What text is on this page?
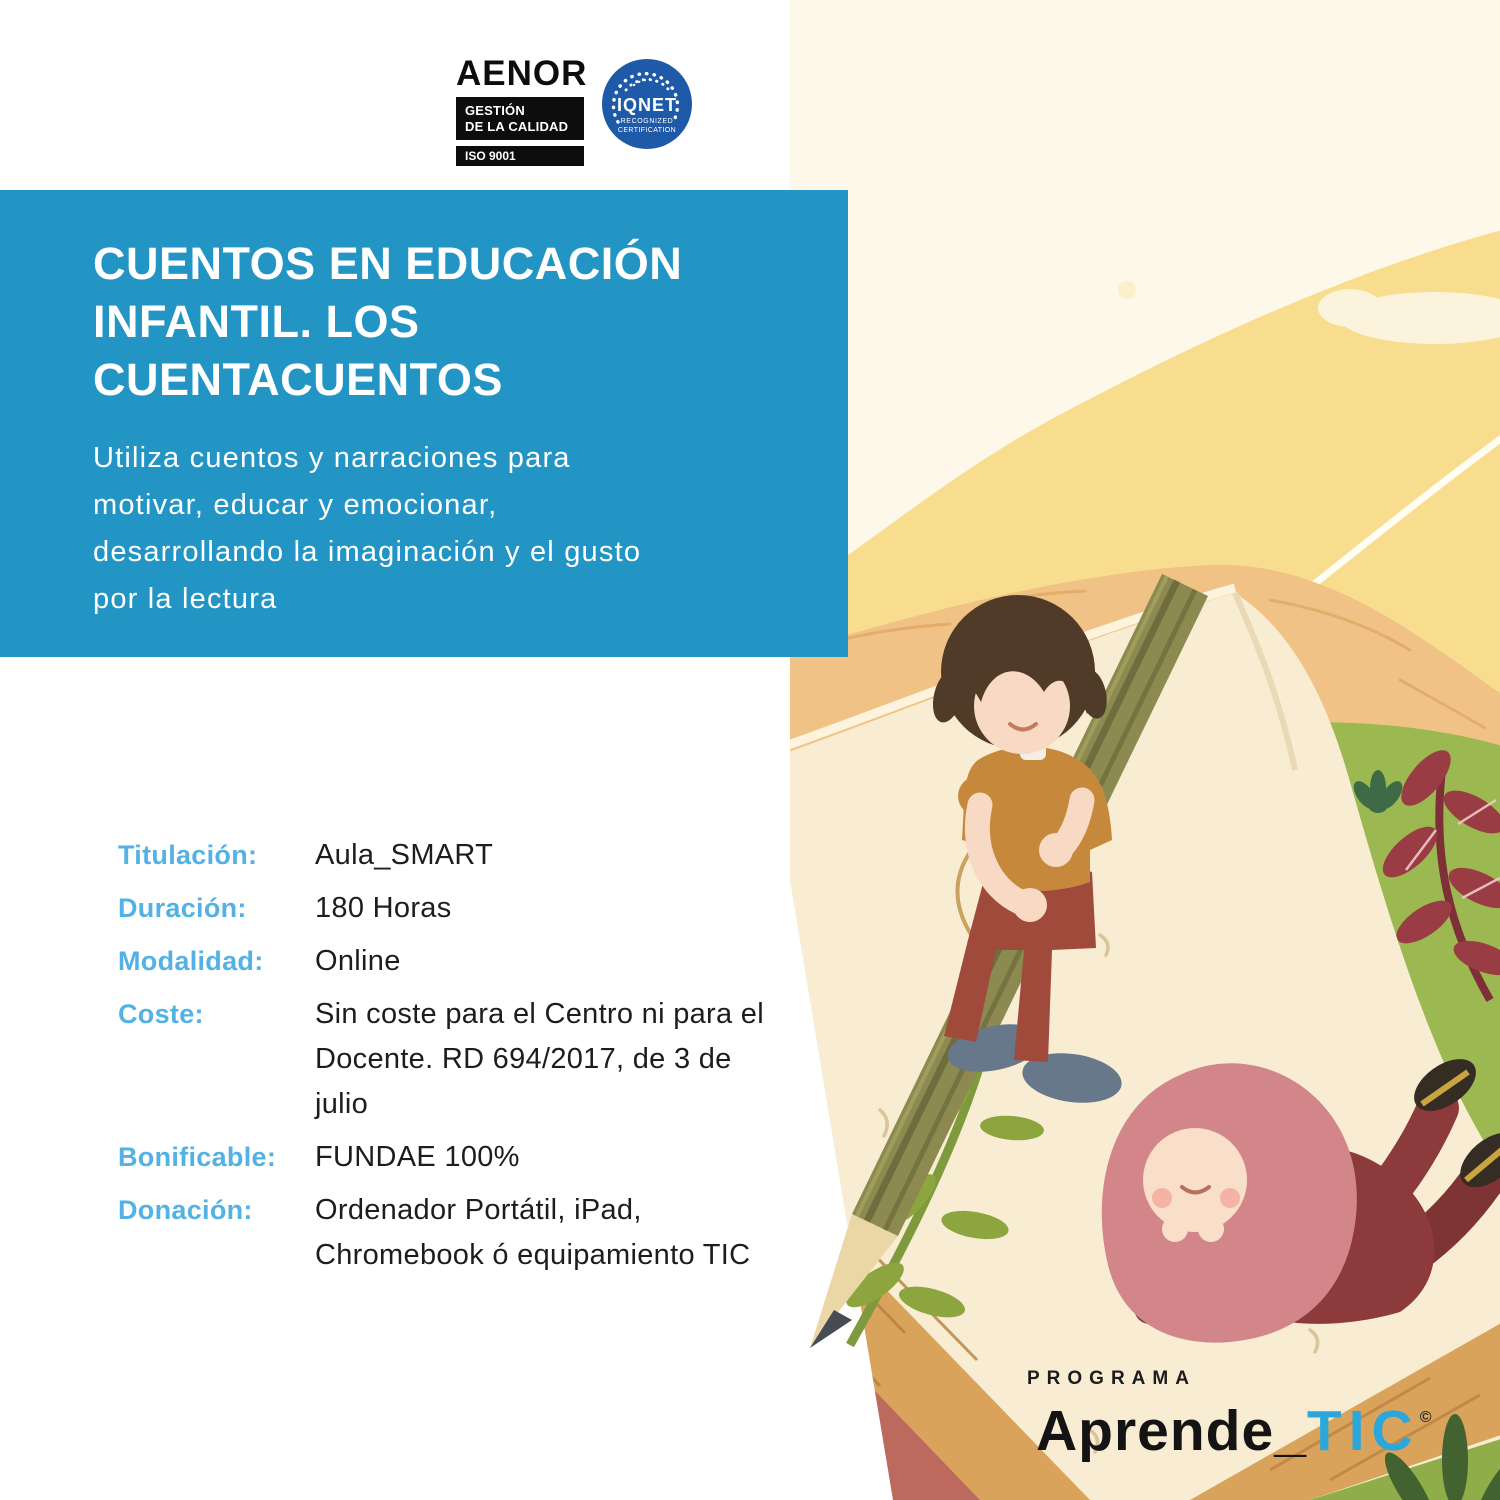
AENOR
GESTIÓN
DE LA CALIDAD
ISO 9001
IQNET
RECOGNIZED
CERTIFICATION
CUENTOS EN EDUCACIÓN
INFANTIL. LOS
CUENTACUENTOS
Utiliza cuentos y narraciones para
motivar, educar y emocionar,
desarrollando la imaginación y el gusto
por la lectura
Titulación:	Aula_SMART
Duración:	180 Horas
Modalidad:	Online
Coste:	Sin coste para el Centro ni para el Docente. RD 694/2017, de 3 de julio
Bonificable:	FUNDAE 100%
Donación:	Ordenador Portátil, iPad, Chromebook ó equipamiento TIC
PROGRAMA
Aprende_TIC©
